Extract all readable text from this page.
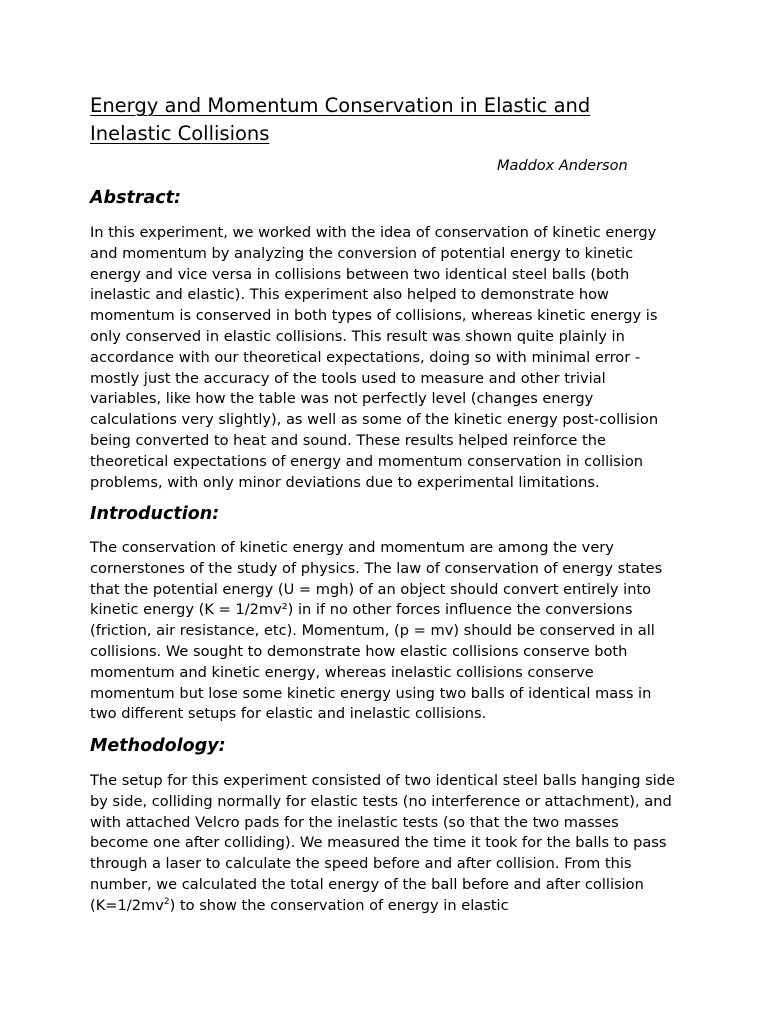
Energy and Momentum Conservation in Elastic and Inelastic Collisions

Maddox Anderson

Abstract:

In this experiment, we worked with the idea of conservation of kinetic energy and momentum by analyzing the conversion of potential energy to kinetic energy and vice versa in collisions between two identical steel balls (both inelastic and elastic). This experiment also helped to demonstrate how momentum is conserved in both types of collisions, whereas kinetic energy is only conserved in elastic collisions. This result was shown quite plainly in accordance with our theoretical expectations, doing so with minimal error - mostly just the accuracy of the tools used to measure and other trivial variables, like how the table was not perfectly level (changes energy calculations very slightly), as well as some of the kinetic energy post-collision being converted to heat and sound. These results helped reinforce the theoretical expectations of energy and momentum conservation in collision problems, with only minor deviations due to experimental limitations.

Introduction:

The conservation of kinetic energy and momentum are among the very cornerstones of the study of physics. The law of conservation of energy states that the potential energy (U = mgh) of an object should convert entirely into kinetic energy (K = 1/2mv²) in if no other forces influence the conversions (friction, air resistance, etc). Momentum, (p = mv) should be conserved in all collisions. We sought to demonstrate how elastic collisions conserve both momentum and kinetic energy, whereas inelastic collisions conserve momentum but lose some kinetic energy using two balls of identical mass in two different setups for elastic and inelastic collisions.

Methodology:

The setup for this experiment consisted of two identical steel balls hanging side by side, colliding normally for elastic tests (no interference or attachment), and with attached Velcro pads for the inelastic tests (so that the two masses become one after colliding). We measured the time it took for the balls to pass through a laser to calculate the speed before and after collision. From this number, we calculated the total energy of the ball before and after collision $(K=1/2mv^2)$ to show the conservation of energy in elastic
